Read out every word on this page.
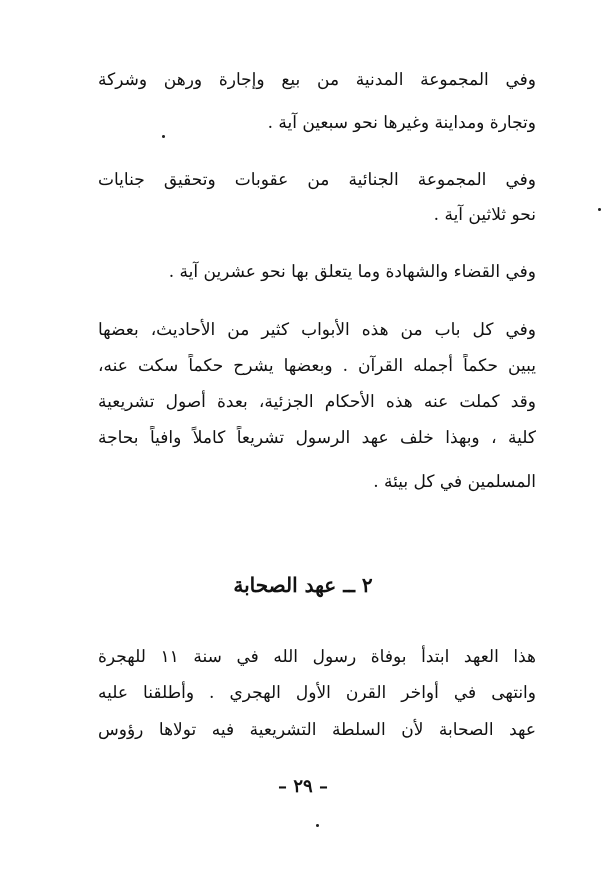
وفي المجموعة المدنية من بيع وإجارة ورهن وشركة
وتجارة ومداينة وغيرها نحو سبعين آية .
وفي المجموعة الجنائية من عقوبات وتحقيق جنايات
نحو ثلاثين آية .
وفي القضاء والشهادة وما يتعلق بها نحو عشرين آية .
وفي كل باب من هذه الأبواب كثير من الأحاديث، بعضها
يبين حكماً أجمله القرآن . وبعضها يشرح حكماً سكت عنه،
وقد كملت عنه هذه الأحكام الجزئية، بعدة أصول تشريعية
كلية ، وبهذا خلف عهد الرسول تشريعاً كاملاً وافياً بحاجة
المسلمين في كل بيئة .
٢ ــ عهد الصحابة
هذا العهد ابتدأ بوفاة رسول الله في سنة ١١ للهجرة
وانتهى في أواخر القرن الأول الهجري . وأطلقنا عليه
عهد الصحابة لأن السلطة التشريعية فيه تولاها رؤوس
– ٢٩ –
